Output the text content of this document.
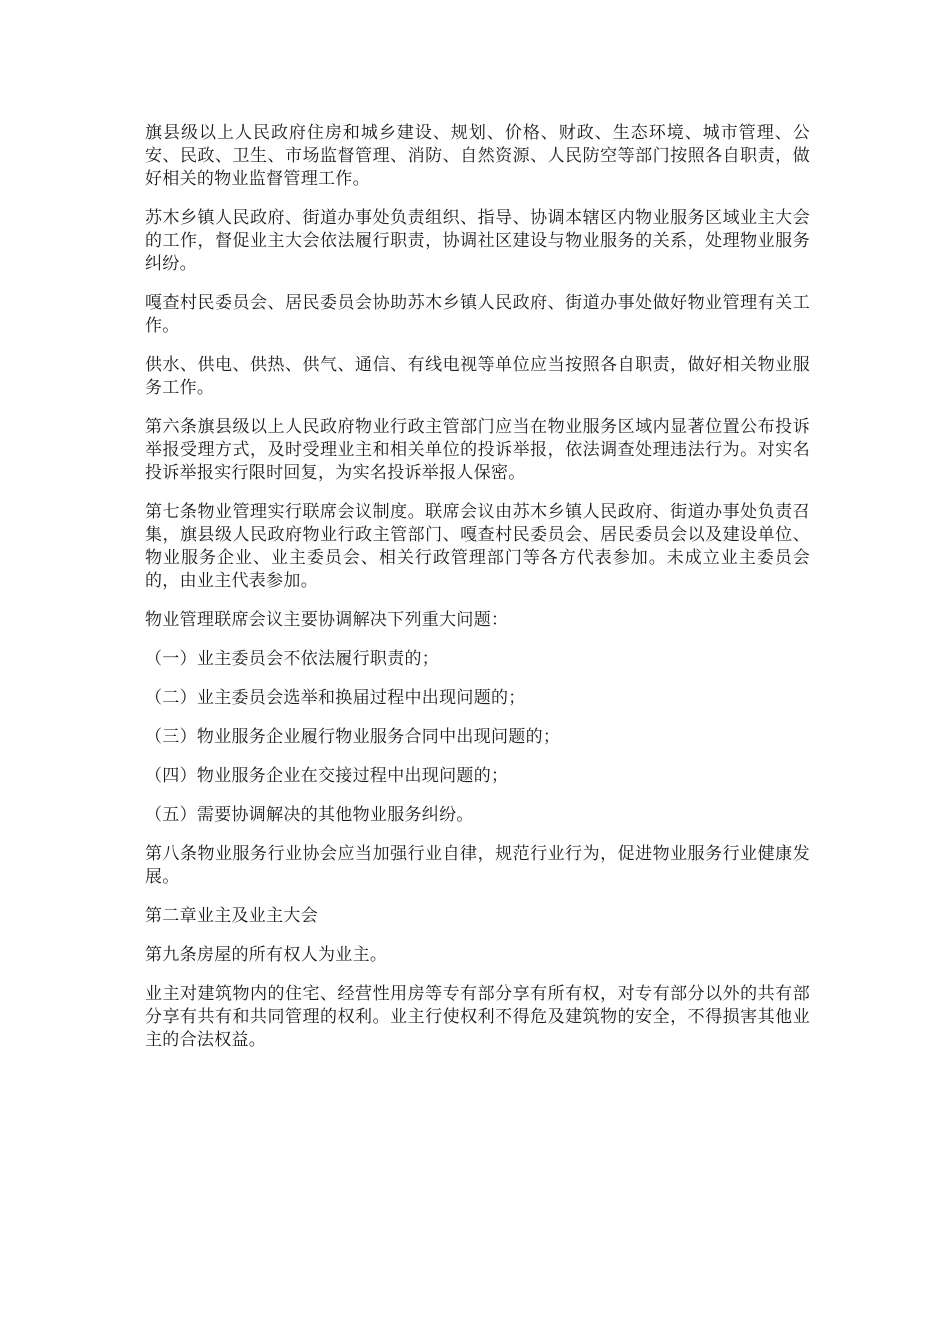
旗县级以上人民政府住房和城乡建设、规划、价格、财政、生态环境、城市管理、公安、民政、卫生、市场监督管理、消防、自然资源、人民防空等部门按照各自职责，做好相关的物业监督管理工作。

苏木乡镇人民政府、街道办事处负责组织、指导、协调本辖区内物业服务区域业主大会的工作，督促业主大会依法履行职责，协调社区建设与物业服务的关系，处理物业服务纠纷。

嘎查村民委员会、居民委员会协助苏木乡镇人民政府、街道办事处做好物业管理有关工作。

供水、供电、供热、供气、通信、有线电视等单位应当按照各自职责，做好相关物业服务工作。

第六条旗县级以上人民政府物业行政主管部门应当在物业服务区域内显著位置公布投诉举报受理方式，及时受理业主和相关单位的投诉举报，依法调查处理违法行为。对实名投诉举报实行限时回复，为实名投诉举报人保密。

第七条物业管理实行联席会议制度。联席会议由苏木乡镇人民政府、街道办事处负责召集，旗县级人民政府物业行政主管部门、嘎查村民委员会、居民委员会以及建设单位、物业服务企业、业主委员会、相关行政管理部门等各方代表参加。未成立业主委员会的，由业主代表参加。

物业管理联席会议主要协调解决下列重大问题：

（一）业主委员会不依法履行职责的；

（二）业主委员会选举和换届过程中出现问题的；

（三）物业服务企业履行物业服务合同中出现问题的；

（四）物业服务企业在交接过程中出现问题的；

（五）需要协调解决的其他物业服务纠纷。

第八条物业服务行业协会应当加强行业自律，规范行业行为，促进物业服务行业健康发展。

第二章业主及业主大会

第九条房屋的所有权人为业主。

业主对建筑物内的住宅、经营性用房等专有部分享有所有权，对专有部分以外的共有部分享有共有和共同管理的权利。业主行使权利不得危及建筑物的安全，不得损害其他业主的合法权益。
